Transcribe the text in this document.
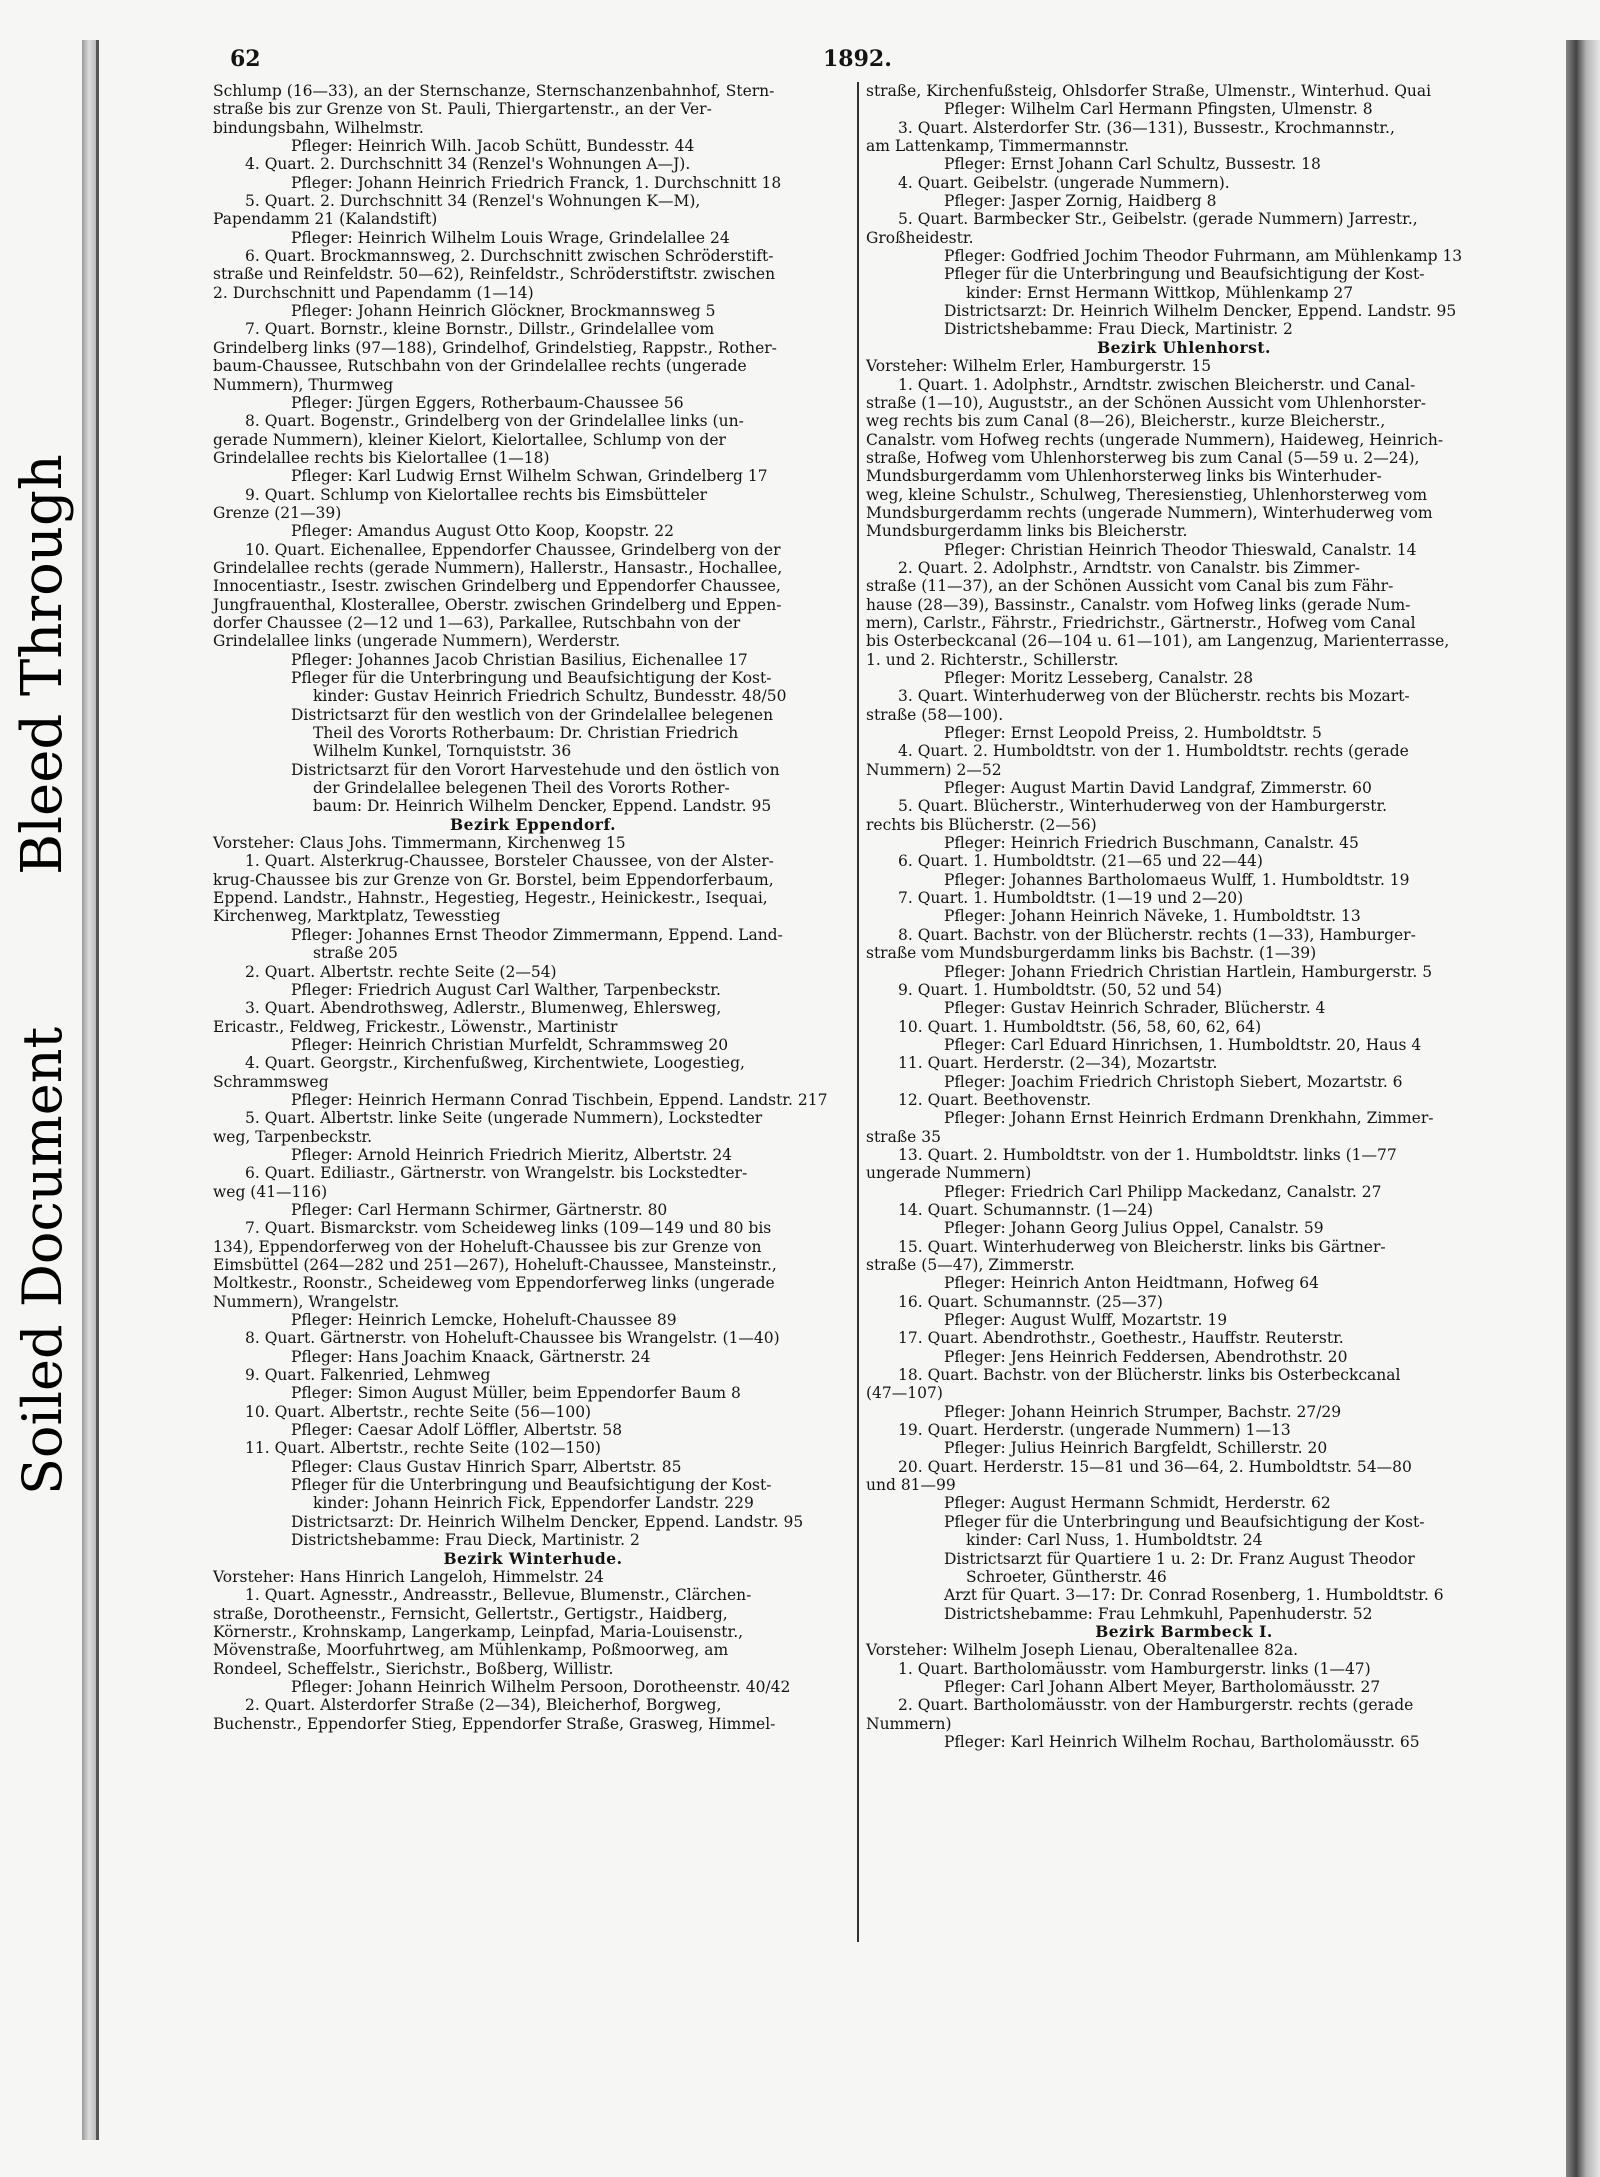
Bleed Through
Soiled Document
62	1892.
Schlump (16—33), an der Sternschanze, Sternschanzenbahnhof, Stern-
straße bis zur Grenze von St. Pauli, Thiergartenstr., an der Ver-
bindungsbahn, Wilhelmstr.
Pfleger: Heinrich Wilh. Jacob Schütt, Bundesstr. 44
4. Quart. 2. Durchschnitt 34 (Renzel's Wohnungen A—J).
Pfleger: Johann Heinrich Friedrich Franck, 1. Durchschnitt 18
5. Quart. 2. Durchschnitt 34 (Renzel's Wohnungen K—M),
Papendamm 21 (Kalandstift)
Pfleger: Heinrich Wilhelm Louis Wrage, Grindelallee 24
6. Quart. Brockmannsweg, 2. Durchschnitt zwischen Schröderstift-
straße und Reinfeldstr. 50—62), Reinfeldstr., Schröderstiftstr. zwischen
2. Durchschnitt und Papendamm (1—14)
Pfleger: Johann Heinrich Glöckner, Brockmannsweg 5
7. Quart. Bornstr., kleine Bornstr., Dillstr., Grindelallee vom
Grindelberg links (97—188), Grindelhof, Grindelstieg, Rappstr., Rother-
baum-Chaussee, Rutschbahn von der Grindelallee rechts (ungerade
Nummern), Thurmweg
Pfleger: Jürgen Eggers, Rotherbaum-Chaussee 56
8. Quart. Bogenstr., Grindelberg von der Grindelallee links (un-
gerade Nummern), kleiner Kielort, Kielortallee, Schlump von der
Grindelallee rechts bis Kielortallee (1—18)
Pfleger: Karl Ludwig Ernst Wilhelm Schwan, Grindelberg 17
9. Quart. Schlump von Kielortallee rechts bis Eimsbütteler
Grenze (21—39)
Pfleger: Amandus August Otto Koop, Koopstr. 22
10. Quart. Eichenallee, Eppendorfer Chaussee, Grindelberg von der
Grindelallee rechts (gerade Nummern), Hallerstr., Hansastr., Hochallee,
Innocentiastr., Isestr. zwischen Grindelberg und Eppendorfer Chaussee,
Jungfrauenthal, Klosterallee, Oberstr. zwischen Grindelberg und Eppen-
dorfer Chaussee (2—12 und 1—63), Parkallee, Rutschbahn von der
Grindelallee links (ungerade Nummern), Werderstr.
Pfleger: Johannes Jacob Christian Basilius, Eichenallee 17
Pfleger für die Unterbringung und Beaufsichtigung der Kost-
kinder: Gustav Heinrich Friedrich Schultz, Bundesstr. 48/50
Districtsarzt für den westlich von der Grindelallee belegenen
Theil des Vororts Rotherbaum: Dr. Christian Friedrich
Wilhelm Kunkel, Tornquiststr. 36
Districtsarzt für den Vorort Harvestehude und den östlich von
der Grindelallee belegenen Theil des Vororts Rother-
baum: Dr. Heinrich Wilhelm Dencker, Eppend. Landstr. 95
Bezirk Eppendorf.
Vorsteher: Claus Johs. Timmermann, Kirchenweg 15
1. Quart. Alsterkrug-Chaussee, Borsteler Chaussee, von der Alster-
krug-Chaussee bis zur Grenze von Gr. Borstel, beim Eppendorferbaum,
Eppend. Landstr., Hahnstr., Hegestieg, Hegestr., Heinickestr., Isequai,
Kirchenweg, Marktplatz, Tewesstieg
Pfleger: Johannes Ernst Theodor Zimmermann, Eppend. Land-
straße 205
2. Quart. Albertstr. rechte Seite (2—54)
Pfleger: Friedrich August Carl Walther, Tarpenbeckstr.
3. Quart. Abendrothsweg, Adlerstr., Blumenweg, Ehlersweg,
Ericastr., Feldweg, Frickestr., Löwenstr., Martinistr
Pfleger: Heinrich Christian Murfeldt, Schrammsweg 20
4. Quart. Georgstr., Kirchenfußweg, Kirchentwiete, Loogestieg,
Schrammsweg
Pfleger: Heinrich Hermann Conrad Tischbein, Eppend. Landstr. 217
5. Quart. Albertstr. linke Seite (ungerade Nummern), Lockstedter
weg, Tarpenbeckstr.
Pfleger: Arnold Heinrich Friedrich Mieritz, Albertstr. 24
6. Quart. Ediliastr., Gärtnerstr. von Wrangelstr. bis Lockstedter-
weg (41—116)
Pfleger: Carl Hermann Schirmer, Gärtnerstr. 80
7. Quart. Bismarckstr. vom Scheideweg links (109—149 und 80 bis
134), Eppendorferweg von der Hoheluft-Chaussee bis zur Grenze von
Eimsbüttel (264—282 und 251—267), Hoheluft-Chaussee, Mansteinstr.,
Moltkestr., Roonstr., Scheideweg vom Eppendorferweg links (ungerade
Nummern), Wrangelstr.
Pfleger: Heinrich Lemcke, Hoheluft-Chaussee 89
8. Quart. Gärtnerstr. von Hoheluft-Chaussee bis Wrangelstr. (1—40)
Pfleger: Hans Joachim Knaack, Gärtnerstr. 24
9. Quart. Falkenried, Lehmweg
Pfleger: Simon August Müller, beim Eppendorfer Baum 8
10. Quart. Albertstr., rechte Seite (56—100)
Pfleger: Caesar Adolf Löffler, Albertstr. 58
11. Quart. Albertstr., rechte Seite (102—150)
Pfleger: Claus Gustav Hinrich Sparr, Albertstr. 85
Pfleger für die Unterbringung und Beaufsichtigung der Kost-
kinder: Johann Heinrich Fick, Eppendorfer Landstr. 229
Districtsarzt: Dr. Heinrich Wilhelm Dencker, Eppend. Landstr. 95
Districtshebamme: Frau Dieck, Martinistr. 2
Bezirk Winterhude.
Vorsteher: Hans Hinrich Langeloh, Himmelstr. 24
1. Quart. Agnesstr., Andreasstr., Bellevue, Blumenstr., Clärchen-
straße, Dorotheenstr., Fernsicht, Gellertstr., Gertigstr., Haidberg,
Körnerstr., Krohnskamp, Langerkamp, Leinpfad, Maria-Louisenstr.,
Mövenstraße, Moorfuhrtweg, am Mühlenkamp, Poßmoorweg, am
Rondeel, Scheffelstr., Sierichstr., Boßberg, Willistr.
Pfleger: Johann Heinrich Wilhelm Persoon, Dorotheenstr. 40/42
2. Quart. Alsterdorfer Straße (2—34), Bleicherhof, Borgweg,
Buchenstr., Eppendorfer Stieg, Eppendorfer Straße, Grasweg, Himmel-
straße, Kirchenfußsteig, Ohlsdorfer Straße, Ulmenstr., Winterhud. Quai
Pfleger: Wilhelm Carl Hermann Pfingsten, Ulmenstr. 8
3. Quart. Alsterdorfer Str. (36—131), Bussestr., Krochmannstr.,
am Lattenkamp, Timmermannstr.
Pfleger: Ernst Johann Carl Schultz, Bussestr. 18
4. Quart. Geibelstr. (ungerade Nummern).
Pfleger: Jasper Zornig, Haidberg 8
5. Quart. Barmbecker Str., Geibelstr. (gerade Nummern) Jarrestr.,
Großheidestr.
Pfleger: Godfried Jochim Theodor Fuhrmann, am Mühlenkamp 13
Pfleger für die Unterbringung und Beaufsichtigung der Kost-
kinder: Ernst Hermann Wittkop, Mühlenkamp 27
Districtsarzt: Dr. Heinrich Wilhelm Dencker, Eppend. Landstr. 95
Districtshebamme: Frau Dieck, Martinistr. 2
Bezirk Uhlenhorst.
Vorsteher: Wilhelm Erler, Hamburgerstr. 15
1. Quart. 1. Adolphstr., Arndtstr. zwischen Bleicherstr. und Canal-
straße (1—10), Auguststr., an der Schönen Aussicht vom Uhlenhorster-
weg rechts bis zum Canal (8—26), Bleicherstr., kurze Bleicherstr.,
Canalstr. vom Hofweg rechts (ungerade Nummern), Haideweg, Heinrich-
straße, Hofweg vom Uhlenhorsterweg bis zum Canal (5—59 u. 2—24),
Mundsburgerdamm vom Uhlenhorsterweg links bis Winterhuder-
weg, kleine Schulstr., Schulweg, Theresienstieg, Uhlenhorsterweg vom
Mundsburgerdamm rechts (ungerade Nummern), Winterhuderweg vom
Mundsburgerdamm links bis Bleicherstr.
Pfleger: Christian Heinrich Theodor Thieswald, Canalstr. 14
2. Quart. 2. Adolphstr., Arndtstr. von Canalstr. bis Zimmer-
straße (11—37), an der Schönen Aussicht vom Canal bis zum Fähr-
hause (28—39), Bassinstr., Canalstr. vom Hofweg links (gerade Num-
mern), Carlstr., Fährstr., Friedrichstr., Gärtnerstr., Hofweg vom Canal
bis Osterbeckcanal (26—104 u. 61—101), am Langenzug, Marienterrasse,
1. und 2. Richterstr., Schillerstr.
Pfleger: Moritz Lesseberg, Canalstr. 28
3. Quart. Winterhuderweg von der Blücherstr. rechts bis Mozart-
straße (58—100).
Pfleger: Ernst Leopold Preiss, 2. Humboldtstr. 5
4. Quart. 2. Humboldtstr. von der 1. Humboldtstr. rechts (gerade
Nummern) 2—52
Pfleger: August Martin David Landgraf, Zimmerstr. 60
5. Quart. Blücherstr., Winterhuderweg von der Hamburgerstr.
rechts bis Blücherstr. (2—56)
Pfleger: Heinrich Friedrich Buschmann, Canalstr. 45
6. Quart. 1. Humboldtstr. (21—65 und 22—44)
Pfleger: Johannes Bartholomaeus Wulff, 1. Humboldtstr. 19
7. Quart. 1. Humboldtstr. (1—19 und 2—20)
Pfleger: Johann Heinrich Näveke, 1. Humboldtstr. 13
8. Quart. Bachstr. von der Blücherstr. rechts (1—33), Hamburger-
straße vom Mundsburgerdamm links bis Bachstr. (1—39)
Pfleger: Johann Friedrich Christian Hartlein, Hamburgerstr. 5
9. Quart. 1. Humboldtstr. (50, 52 und 54)
Pfleger: Gustav Heinrich Schrader, Blücherstr. 4
10. Quart. 1. Humboldtstr. (56, 58, 60, 62, 64)
Pfleger: Carl Eduard Hinrichsen, 1. Humboldtstr. 20, Haus 4
11. Quart. Herderstr. (2—34), Mozartstr.
Pfleger: Joachim Friedrich Christoph Siebert, Mozartstr. 6
12. Quart. Beethovenstr.
Pfleger: Johann Ernst Heinrich Erdmann Drenkhahn, Zimmer-
straße 35
13. Quart. 2. Humboldtstr. von der 1. Humboldtstr. links (1—77
ungerade Nummern)
Pfleger: Friedrich Carl Philipp Mackedanz, Canalstr. 27
14. Quart. Schumannstr. (1—24)
Pfleger: Johann Georg Julius Oppel, Canalstr. 59
15. Quart. Winterhuderweg von Bleicherstr. links bis Gärtner-
straße (5—47), Zimmerstr.
Pfleger: Heinrich Anton Heidtmann, Hofweg 64
16. Quart. Schumannstr. (25—37)
Pfleger: August Wulff, Mozartstr. 19
17. Quart. Abendrothstr., Goethestr., Hauffstr. Reuterstr.
Pfleger: Jens Heinrich Feddersen, Abendrothstr. 20
18. Quart. Bachstr. von der Blücherstr. links bis Osterbeckcanal
(47—107)
Pfleger: Johann Heinrich Strumper, Bachstr. 27/29
19. Quart. Herderstr. (ungerade Nummern) 1—13
Pfleger: Julius Heinrich Bargfeldt, Schillerstr. 20
20. Quart. Herderstr. 15—81 und 36—64, 2. Humboldtstr. 54—80
und 81—99
Pfleger: August Hermann Schmidt, Herderstr. 62
Pfleger für die Unterbringung und Beaufsichtigung der Kost-
kinder: Carl Nuss, 1. Humboldtstr. 24
Districtsarzt für Quartiere 1 u. 2: Dr. Franz August Theodor
Schroeter, Güntherstr. 46
Arzt für Quart. 3—17: Dr. Conrad Rosenberg, 1. Humboldtstr. 6
Districtshebamme: Frau Lehmkuhl, Papenhuderstr. 52
Bezirk Barmbeck I.
Vorsteher: Wilhelm Joseph Lienau, Oberaltenallee 82a.
1. Quart. Bartholomäusstr. vom Hamburgerstr. links (1—47)
Pfleger: Carl Johann Albert Meyer, Bartholomäusstr. 27
2. Quart. Bartholomäusstr. von der Hamburgerstr. rechts (gerade
Nummern)
Pfleger: Karl Heinrich Wilhelm Rochau, Bartholomäusstr. 65
